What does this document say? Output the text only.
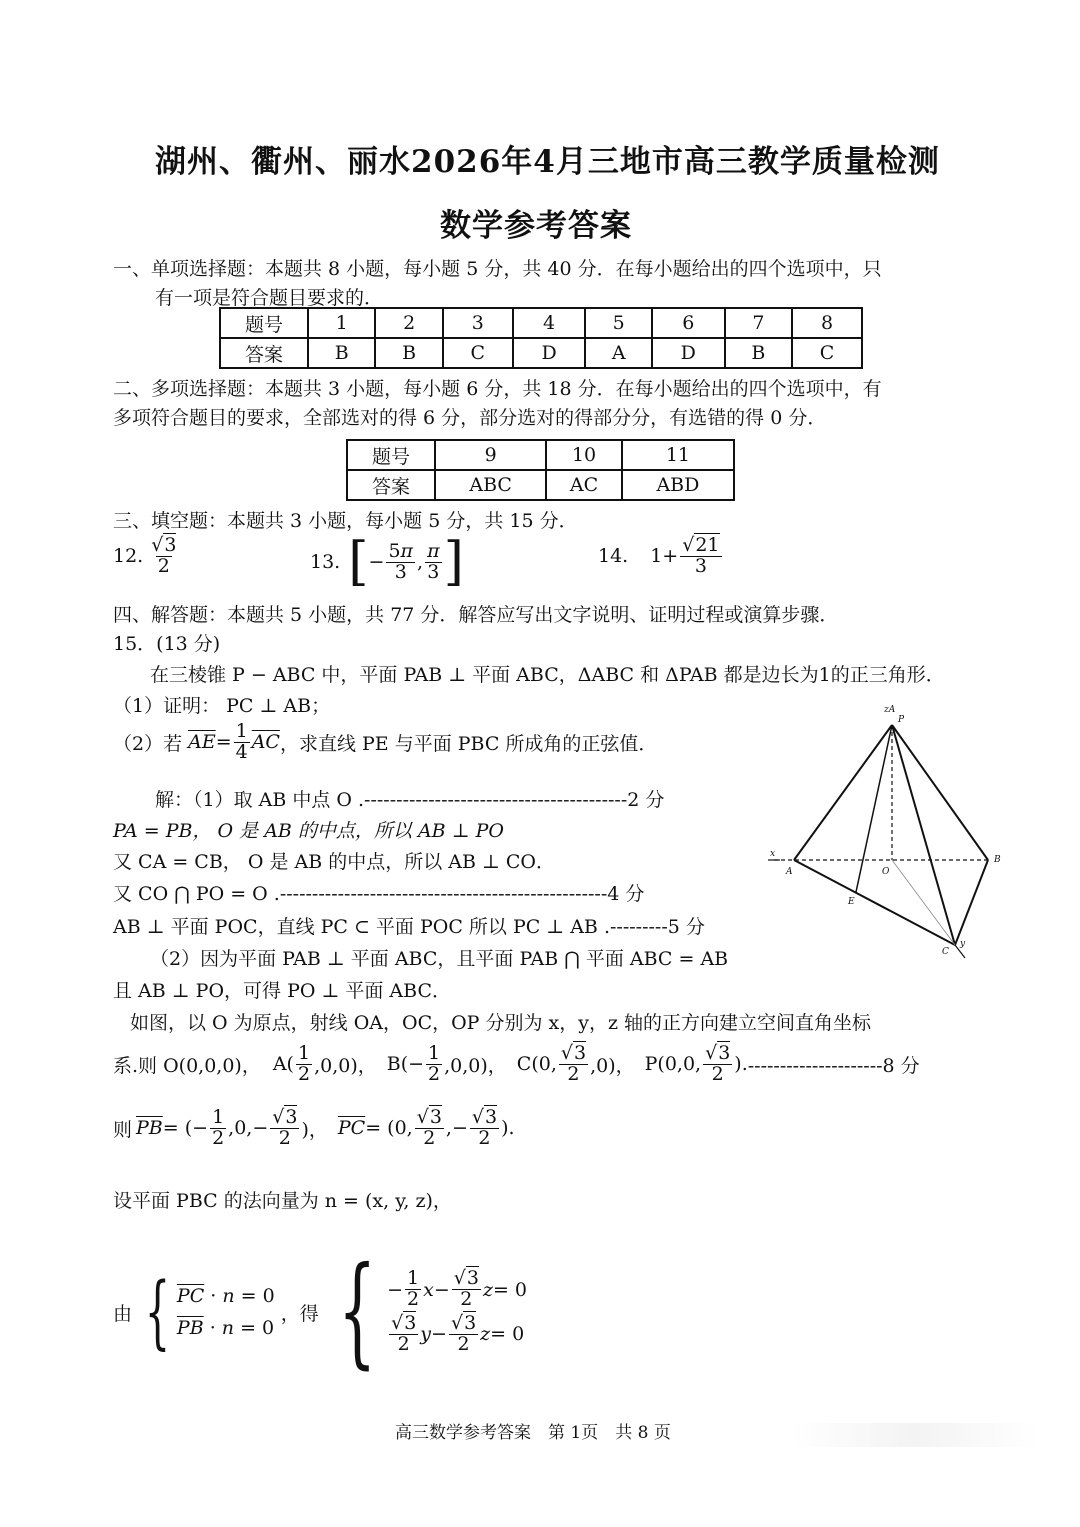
湖州、衢州、丽水2026年4月三地市高三教学质量检测
数学参考答案
一、单项选择题：本题共 8 小题，每小题 5 分，共 40 分．在每小题给出的四个选项中，只
有一项是符合题目要求的．
题号	1	2	3	4	5	6	7	8
答案	B	B	C	D	A	D	B	C
二、多项选择题：本题共 3 小题，每小题 6 分，共 18 分．在每小题给出的四个选项中，有
多项符合题目的要求，全部选对的得 6 分，部分选对的得部分分，有选错的得 0 分．
题号	9	10	11
答案	ABC	AC	ABD
三、填空题：本题共 3 小题，每小题 5 分，共 15 分．
12. $\frac{√3}{2}$	13. [ − $\frac{5\pi}{3}$ , $\frac{\pi}{3}$ ]	14. $1+ \frac{√21}{3}$
四、解答题：本题共 5 小题，共 77 分．解答应写出文字说明、证明过程或演算步骤．
15．(13 分)
在三棱锥 P − ABC 中，平面 PAB ⊥ 平面 ABC，ΔABC 和 ΔPAB 都是边长为1的正三角形．
（1）证明： PC ⊥ AB；
（2）若 $\overline{AE} = \frac{1}{4} \overline{AC}$ ，求直线 PE 与平面 PBC 所成角的正弦值．
解：（1）取 AB 中点 O .-----------------------------------------2 分
PA = PB， O 是 AB 的中点，所以 AB ⊥ PO
又 CA = CB， O 是 AB 的中点，所以 AB ⊥ CO．
又 CO ⋂ PO = O .---------------------------------------------------4 分
AB ⊥ 平面 POC，直线 PC ⊂ 平面 POC 所以 PC ⊥ AB .---------5 分
（2）因为平面 PAB ⊥ 平面 ABC，且平面 PAB ⋂ 平面 ABC = AB
且 AB ⊥ PO，可得 PO ⊥ 平面 ABC．
如图，以 O 为原点，射线 OA，OC，OP 分别为 x，y，z 轴的正方向建立空间直角坐标
系.则 O(0,0,0)， $A( \frac{1}{2} ,0,0)$， $B(- \frac{1}{2} ,0,0)$， C(0, $\frac{√3}{2} ,0$)， P(0,0, $\frac{√3}{2}$ ). ---------------------8 分
则 $\overline{PB}$ = (− $\frac{1}{2} ,0,- \frac{√3}{2}$ )， $\overline{PC} = (0$, $\frac{√3}{2}$ ,− $\frac{√3}{2}$ ).
设平面 PBC 的法向量为 n = (x, y, z)，
由 { $\overline{PC} \cdot n = 0$
$\overline{PB} \cdot n = 0$
，得 { − $\frac{1}{2}$ $x - \frac{√3}{2}$ z = 0
$\frac{√3}{2}$ $y - \frac{√3}{2}$ z = 0
zA
P
x
A	O
B
E
C
y
高三数学参考答案　第 1页　共 8 页
